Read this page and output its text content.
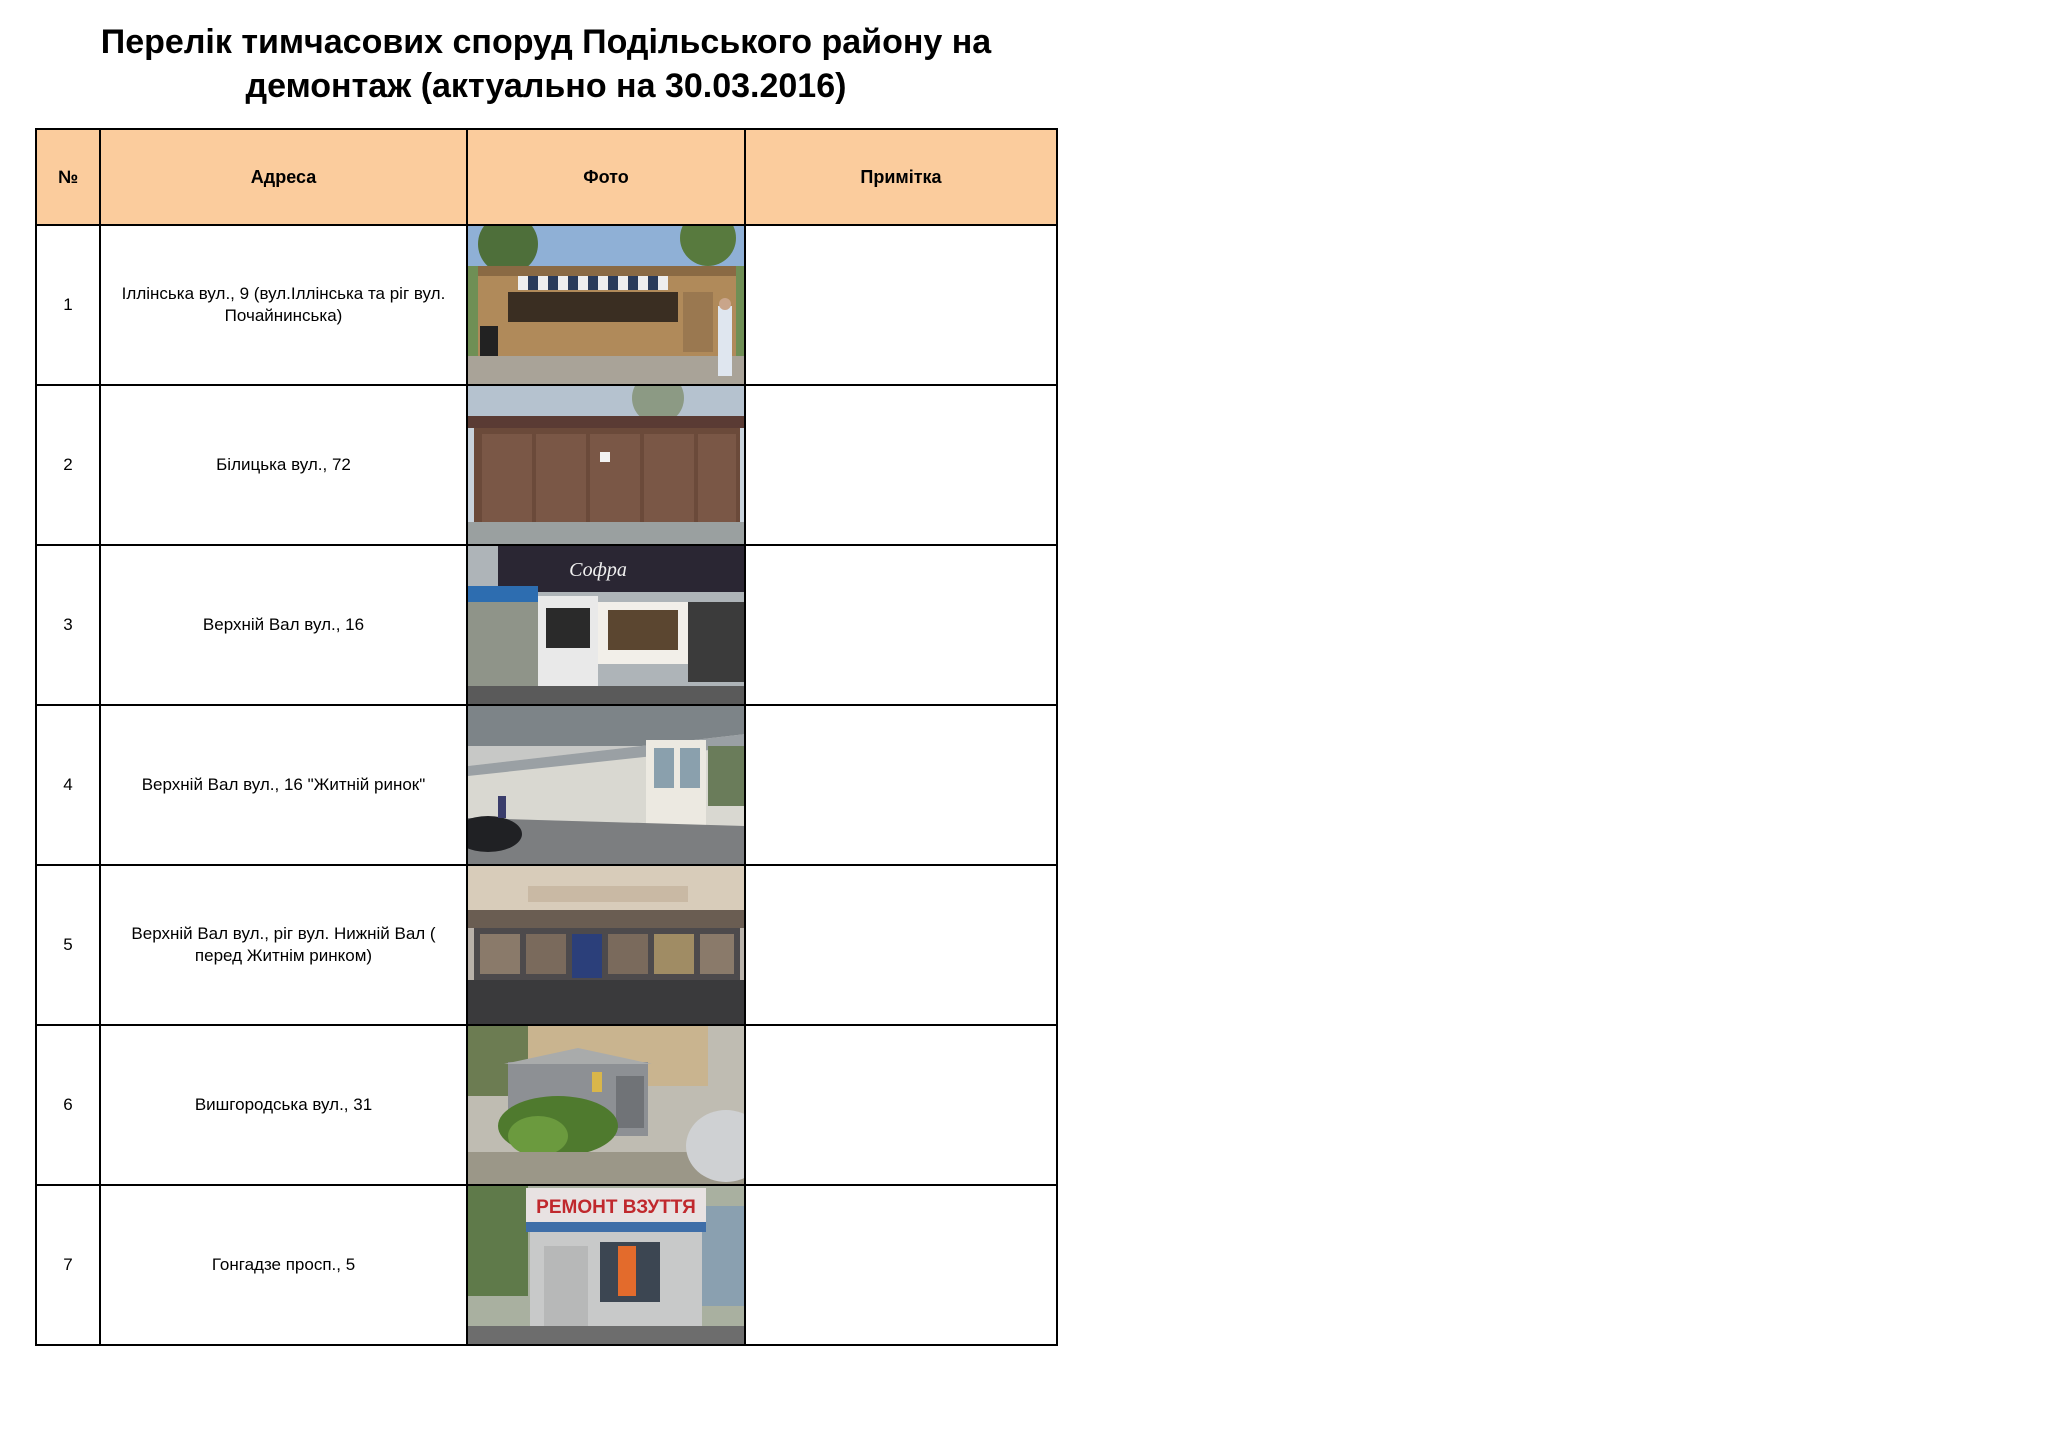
Перелік тимчасових споруд Подільського району на
демонтаж (актуально на 30.03.2016)
№	Адреса	Фото	Примітка
1	Іллінська вул., 9 (вул.Іллінська та ріг вул. Почайнинська)	

2	Білицька вул., 72	

3	Верхній Вал вул., 16	Софра	

4	Верхній Вал вул., 16 "Житній ринок"	

5	Верхній Вал вул., ріг вул. Нижній Вал ( перед Житнім ринком)	

6	Вишгородська вул., 31	

7	Гонгадзе просп., 5	РЕМОНТ ВЗУТТЯ	
